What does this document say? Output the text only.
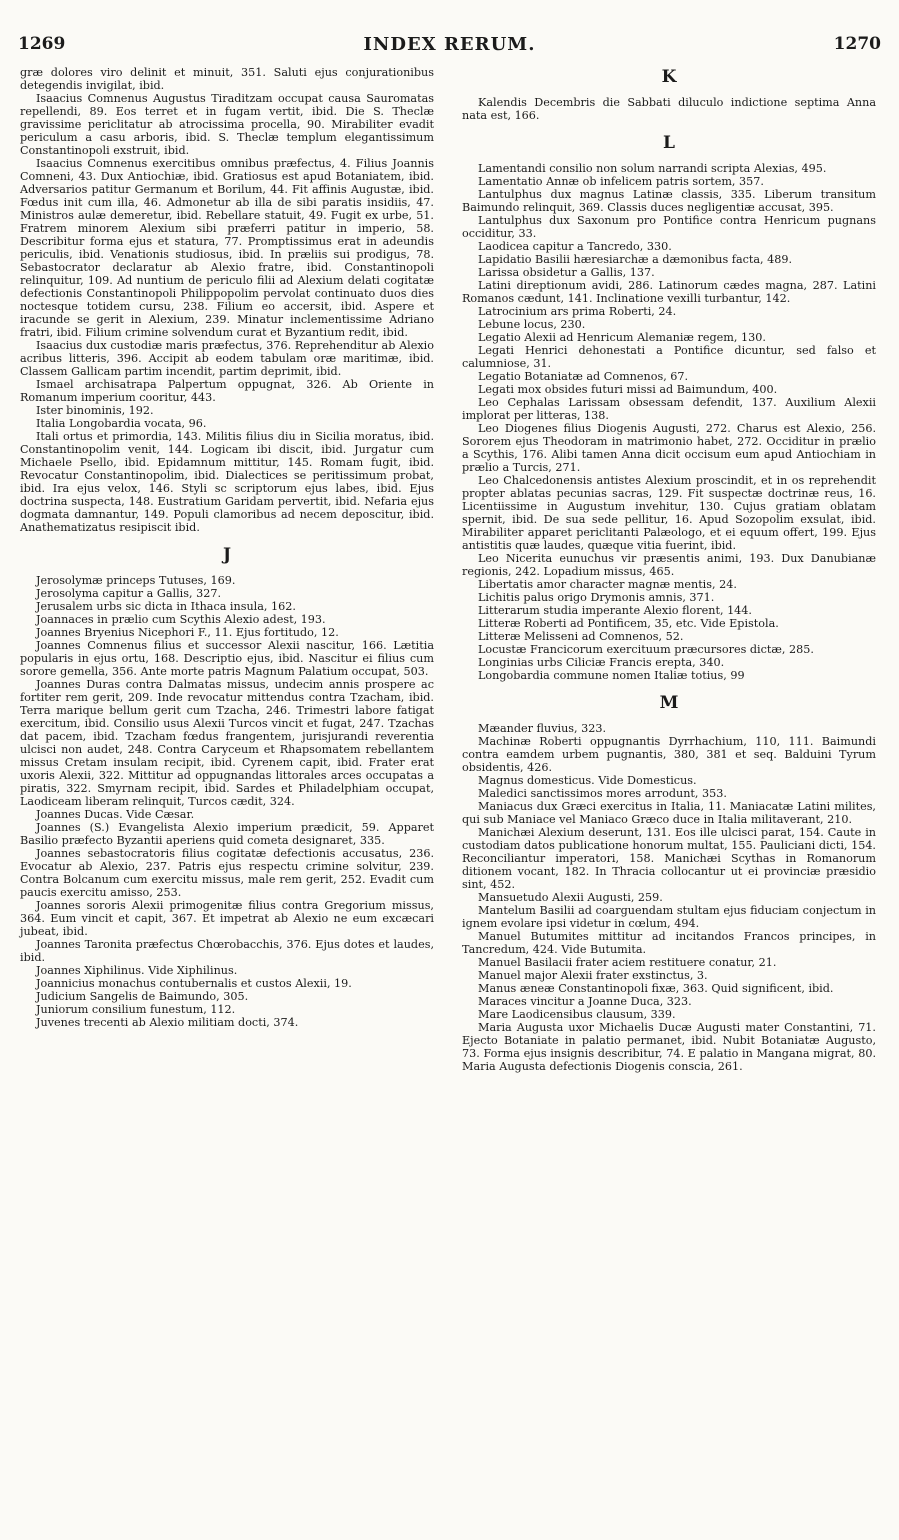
1269	INDEX RERUM.	1270

græ dolores viro delinit et minuit, 351. Saluti ejus conjurationibus detegendis invigilat, ibid.

Isaacius Comnenus Augustus Tiraditzam occupat causa Sauromatas repellendi, 89. Eos terret et in fugam vertit, ibid. Die S. Theclæ gravissime periclitatur ab atrocissima procella, 90. Mirabiliter evadit periculum a casu arboris, ibid. S. Theclæ templum elegantissimum Constantinopoli exstruit, ibid.

Isaacius Comnenus exercitibus omnibus præfectus, 4. Filius Joannis Comneni, 43. Dux Antiochiæ, ibid. Gratiosus est apud Botaniatem, ibid. Adversarios patitur Germanum et Borilum, 44. Fit affinis Augustæ, ibid. Fœdus init cum illa, 46. Admonetur ab illa de sibi paratis insidiis, 47. Ministros aulæ demeretur, ibid. Rebellare statuit, 49. Fugit ex urbe, 51. Fratrem minorem Alexium sibi præferri patitur in imperio, 58. Describitur forma ejus et statura, 77. Promptissimus erat in adeundis periculis, ibid. Venationis studiosus, ibid. In præliis sui prodigus, 78. Sebastocrator declaratur ab Alexio fratre, ibid. Constantinopoli relinquitur, 109. Ad nuntium de periculo filii ad Alexium delati cogitatæ defectionis Constantinopoli Philippopolim pervolat continuato duos dies noctesque totidem cursu, 238. Filium eo accersit, ibid. Aspere et iracunde se gerit in Alexium, 239. Minatur inclementissime Adriano fratri, ibid. Filium crimine solvendum curat et Byzantium redit, ibid.

Isaacius dux custodiæ maris præfectus, 376. Reprehenditur ab Alexio acribus litteris, 396. Accipit ab eodem tabulam oræ maritimæ, ibid. Classem Gallicam partim incendit, partim deprimit, ibid.

Ismael archisatrapa Palpertum oppugnat, 326. Ab Oriente in Romanum imperium cooritur, 443.

Ister binominis, 192.

Italia Longobardia vocata, 96.

Itali ortus et primordia, 143. Militis filius diu in Sicilia moratus, ibid. Constantinopolim venit, 144. Logicam ibi discit, ibid. Jurgatur cum Michaele Psello, ibid. Epidamnum mittitur, 145. Romam fugit, ibid. Revocatur Constantinopolim, ibid. Dialectices se peritissimum probat, ibid. Ira ejus velox, 146. Styli sc scriptorum ejus labes, ibid. Ejus doctrina suspecta, 148. Eustratium Garidam pervertit, ibid. Nefaria ejus dogmata damnantur, 149. Populi clamoribus ad necem deposcitur, ibid. Anathematizatus resipiscit ibid.

J

Jerosolymæ princeps Tutuses, 169.

Jerosolyma capitur a Gallis, 327.

Jerusalem urbs sic dicta in Ithaca insula, 162.

Joannaces in prælio cum Scythis Alexio adest, 193.

Joannes Bryenius Nicephori F., 11. Ejus fortitudo, 12.

Joannes Comnenus filius et successor Alexii nascitur, 166. Lætitia popularis in ejus ortu, 168. Descriptio ejus, ibid. Nascitur ei filius cum sorore gemella, 356. Ante morte patris Magnum Palatium occupat, 503.

Joannes Duras contra Dalmatas missus, undecim annis prospere ac fortiter rem gerit, 209. Inde revocatur mittendus contra Tzacham, ibid. Terra marique bellum gerit cum Tzacha, 246. Trimestri labore fatigat exercitum, ibid. Consilio usus Alexii Turcos vincit et fugat, 247. Tzachas dat pacem, ibid. Tzacham fœdus frangentem, jurisjurandi reverentia ulcisci non audet, 248. Contra Caryceum et Rhapsomatem rebellantem missus Cretam insulam recipit, ibid. Cyrenem capit, ibid. Frater erat uxoris Alexii, 322. Mittitur ad oppugnandas littorales arces occupatas a piratis, 322. Smyrnam recipit, ibid. Sardes et Philadelphiam occupat, Laodiceam liberam relinquit, Turcos cædit, 324.

Joannes Ducas. Vide Cæsar.

Joannes (S.) Evangelista Alexio imperium prædicit, 59. Apparet Basilio præfecto Byzantii aperiens quid cometa designaret, 335.

Joannes sebastocratoris filius cogitatæ defectionis accusatus, 236. Evocatur ab Alexio, 237. Patris ejus respectu crimine solvitur, 239. Contra Bolcanum cum exercitu missus, male rem gerit, 252. Evadit cum paucis exercitu amisso, 253.

Joannes sororis Alexii primogenitæ filius contra Gregorium missus, 364. Eum vincit et capit, 367. Et impetrat ab Alexio ne eum excæcari jubeat, ibid.

Joannes Taronita præfectus Chœrobacchis, 376. Ejus dotes et laudes, ibid.

Joannes Xiphilinus. Vide Xiphilinus.

Joannicius monachus contubernalis et custos Alexii, 19.

Judicium Sangelis de Baimundo, 305.

Juniorum consilium funestum, 112.

Juvenes trecenti ab Alexio militiam docti, 374.

K

Kalendis Decembris die Sabbati diluculo indictione septima Anna nata est, 166.

L

Lamentandi consilio non solum narrandi scripta Alexias, 495.

Lamentatio Annæ ob infelicem patris sortem, 357.

Lantulphus dux magnus Latinæ classis, 335. Liberum transitum Baimundo relinquit, 369. Classis duces negligentiæ accusat, 395.

Lantulphus dux Saxonum pro Pontifice contra Henricum pugnans occiditur, 33.

Laodicea capitur a Tancredo, 330.

Lapidatio Basilii hæresiarchæ a dæmonibus facta, 489.

Larissa obsidetur a Gallis, 137.

Latini direptionum avidi, 286. Latinorum cædes magna, 287. Latini Romanos cædunt, 141. Inclinatione vexilli turbantur, 142.

Latrocinium ars prima Roberti, 24.

Lebune locus, 230.

Legatio Alexii ad Henricum Alemaniæ regem, 130.

Legati Henrici dehonestati a Pontifice dicuntur, sed falso et calumniose, 31.

Legatio Botaniatæ ad Comnenos, 67.

Legati mox obsides futuri missi ad Baimundum, 400.

Leo Cephalas Larissam obsessam defendit, 137. Auxilium Alexii implorat per litteras, 138.

Leo Diogenes filius Diogenis Augusti, 272. Charus est Alexio, 256. Sororem ejus Theodoram in matrimonio habet, 272. Occiditur in prælio a Scythis, 176. Alibi tamen Anna dicit occisum eum apud Antiochiam in prælio a Turcis, 271.

Leo Chalcedonensis antistes Alexium proscindit, et in os reprehendit propter ablatas pecunias sacras, 129. Fit suspectæ doctrinæ reus, 16. Licentiissime in Augustum invehitur, 130. Cujus gratiam oblatam spernit, ibid. De sua sede pellitur, 16. Apud Sozopolim exsulat, ibid. Mirabiliter apparet periclitanti Palæologo, et ei equum offert, 199. Ejus antistitis quæ laudes, quæque vitia fuerint, ibid.

Leo Nicerita eunuchus vir præsentis animi, 193. Dux Danubianæ regionis, 242. Lopadium missus, 465.

Libertatis amor character magnæ mentis, 24.

Lichitis palus origo Drymonis amnis, 371.

Litterarum studia imperante Alexio florent, 144.

Litteræ Roberti ad Pontificem, 35, etc. Vide Epistola.

Litteræ Melisseni ad Comnenos, 52.

Locustæ Francicorum exercituum præcursores dictæ, 285.

Longinias urbs Ciliciæ Francis erepta, 340.

Longobardia commune nomen Italiæ totius, 99

M

Mæander fluvius, 323.

Machinæ Roberti oppugnantis Dyrrhachium, 110, 111. Baimundi contra eamdem urbem pugnantis, 380, 381 et seq. Balduini Tyrum obsidentis, 426.

Magnus domesticus. Vide Domesticus.

Maledici sanctissimos mores arrodunt, 353.

Maniacus dux Græci exercitus in Italia, 11. Maniacatæ Latini milites, qui sub Maniace vel Maniaco Græco duce in Italia militaverant, 210.

Manichæi Alexium deserunt, 131. Eos ille ulcisci parat, 154. Caute in custodiam datos publicatione honorum multat, 155. Pauliciani dicti, 154. Reconciliantur imperatori, 158. Manichæi Scythas in Romanorum ditionem vocant, 182. In Thracia collocantur ut ei provinciæ præsidio sint, 452.

Mansuetudo Alexii Augusti, 259.

Mantelum Basilii ad coarguendam stultam ejus fiduciam conjectum in ignem evolare ipsi videtur in cœlum, 494.

Manuel Butumites mittitur ad incitandos Francos principes, in Tancredum, 424. Vide Butumita.

Manuel Basilacii frater aciem restituere conatur, 21.

Manuel major Alexii frater exstinctus, 3.

Manus æneæ Constantinopoli fixæ, 363. Quid significent, ibid.

Maraces vincitur a Joanne Duca, 323.

Mare Laodicensibus clausum, 339.

Maria Augusta uxor Michaelis Ducæ Augusti mater Constantini, 71. Ejecto Botaniate in palatio permanet, ibid. Nubit Botaniatæ Augusto, 73. Forma ejus insignis describitur, 74. E palatio in Mangana migrat, 80. Maria Augusta defectionis Diogenis conscia, 261.
